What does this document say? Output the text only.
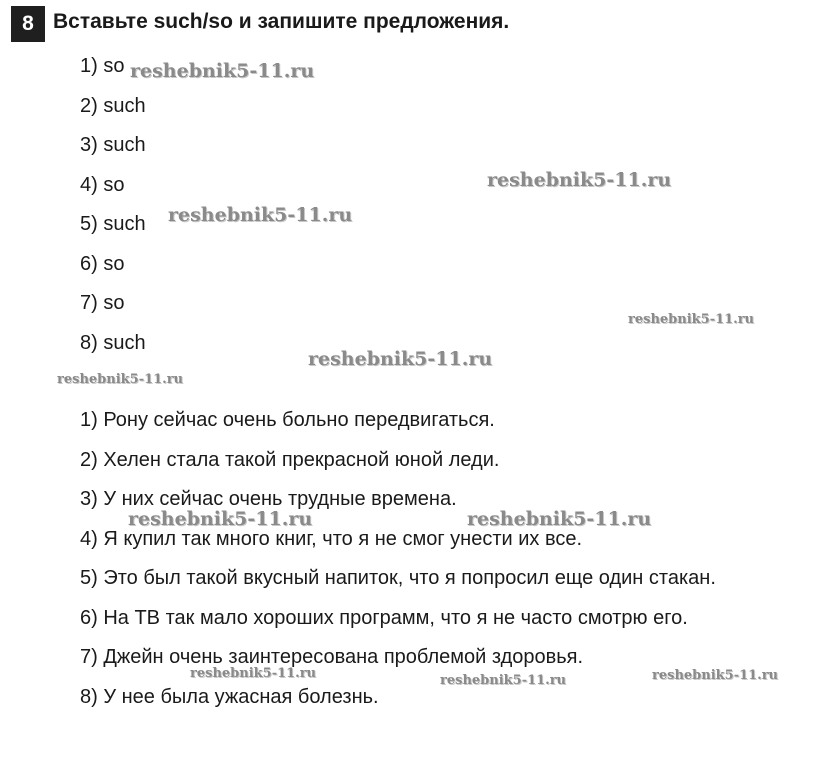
8 Вставьте such/so и запишите предложения.
1) so
2) such
3) such
4) so
5) such
6) so
7) so
8) such
1) Рону сейчас очень больно передвигаться.
2) Хелен стала такой прекрасной юной леди.
3) У них сейчас очень трудные времена.
4) Я купил так много книг, что я не смог унести их все.
5) Это был такой вкусный напиток, что я попросил еще один стакан.
6) На ТВ так мало хороших программ, что я не часто смотрю его.
7) Джейн очень заинтересована проблемой здоровья.
8) У нее была ужасная болезнь.
reshebnik5-11.ru
reshebnik5-11.ru
reshebnik5-11.ru
reshebnik5-11.ru
reshebnik5-11.ru
reshebnik5-11.ru
reshebnik5-11.ru	reshebnik5-11.ru
reshebnik5-11.ru	reshebnik5-11.ru	reshebnik5-11.ru
